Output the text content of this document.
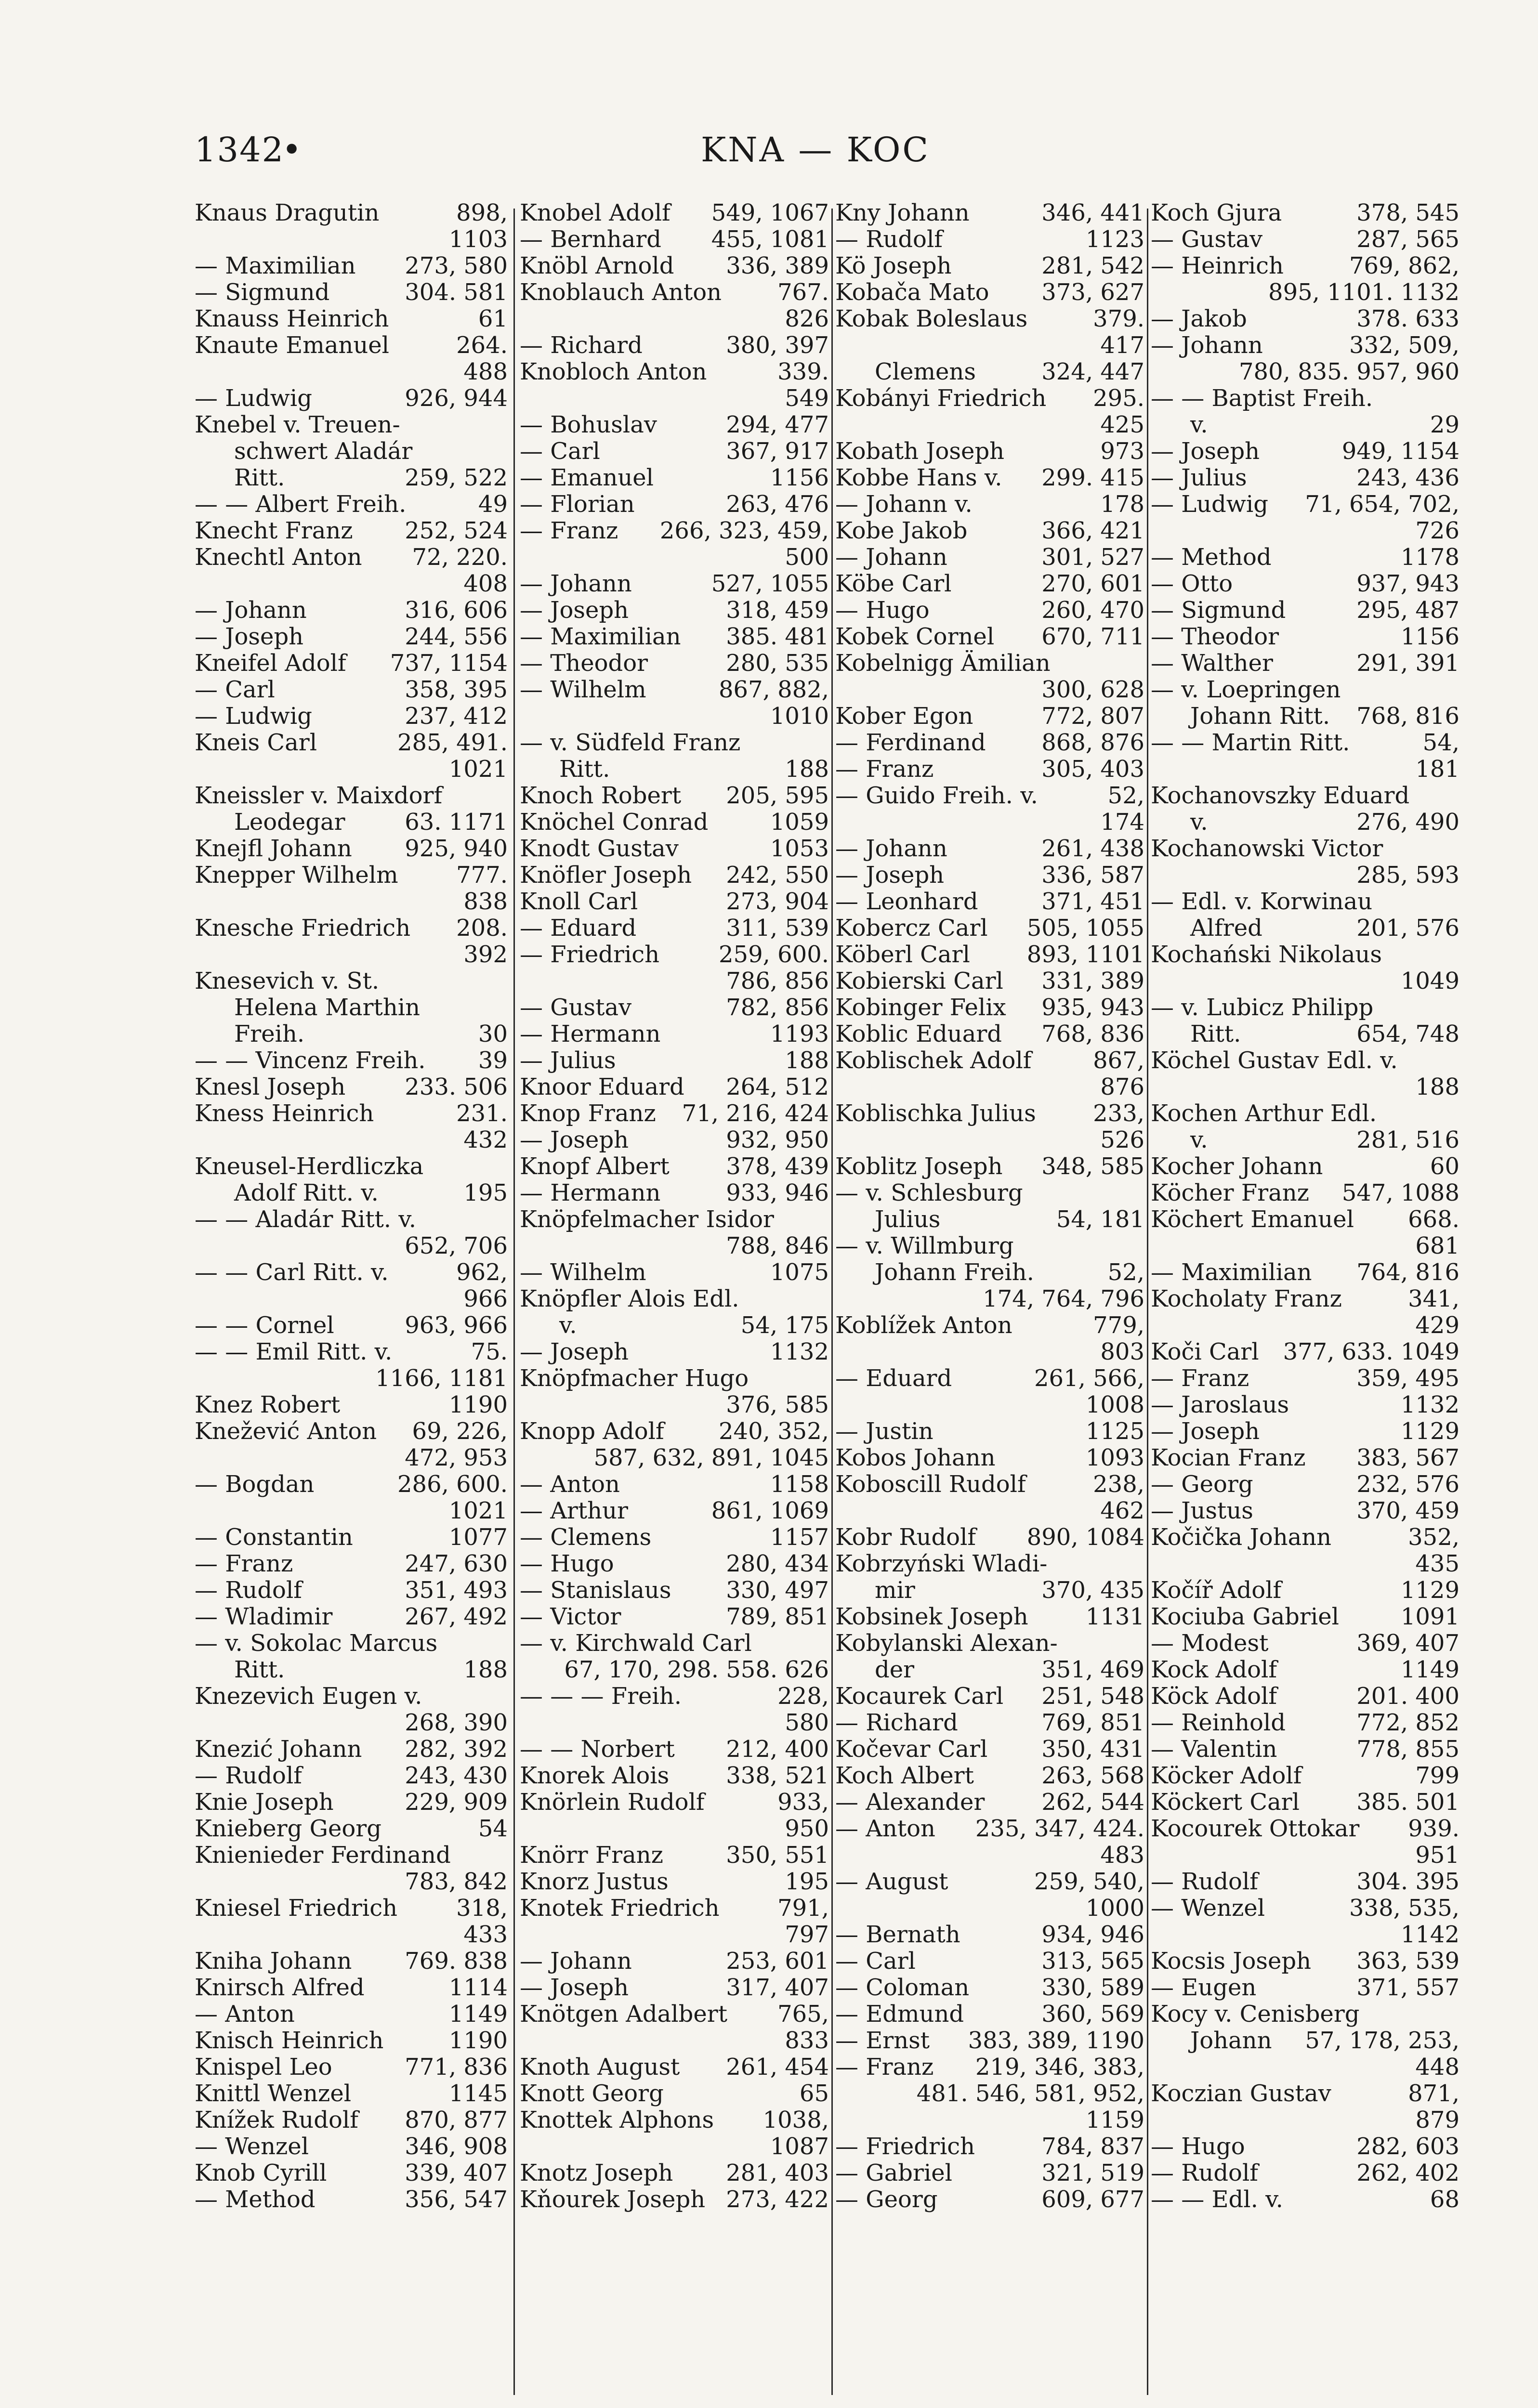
1342
•	KNA — KOC
Knaus Dragutin	898,
1103
— Maximilian 273, 580
— Sigmund	304. 581
Knauss Heinrich	61
Knaute Emanuel	264.
488
— Ludwig	926, 944
Knebel v. Treuen-
schwert Aladár
Ritt.	259, 522
— — Albert Freih.	49
Knecht Franz 252, 524
Knechtl Anton 72, 220.
408
— Johann	316, 606
— Joseph	244, 556
Kneifel Adolf 737, 1154
— Carl	358, 395
— Ludwig	237, 412
Kneis Carl	285, 491.
1021
Kneissler v. Maixdorf
Leodegar	63. 1171
Knejfl Johann 925, 940
Knepper Wilhelm	777.
838
Knesche Friedrich 208.
392
Knesevich v. St.
Helena Marthin
Freih.	30
— — Vincenz Freih. 39
Knesl Joseph	233. 506
Kness Heinrich	231.
432
Kneusel-Herdliczka
Adolf Ritt. v.	195
— — Aladár Ritt. v.
652, 706
— — Carl Ritt. v.	962,
966
— — Cornel	963, 966
— — Emil Ritt. v.	75.
1166, 1181
Knez Robert	1190
Knežević Anton 69, 226,
472, 953
— Bogdan	286, 600.
1021
— Constantin	1077
— Franz	247, 630
— Rudolf	351, 493
— Wladimir	267, 492
— v. Sokolac Marcus
Ritt.	188
Knezevich Eugen v.
268, 390
Knezić Johann 282, 392
— Rudolf	243, 430
Knie Joseph	229, 909
Knieberg Georg	54
Knienieder Ferdinand
783, 842
Kniesel Friedrich	318,
433
Kniha Johann 769. 838
Knirsch Alfred	1114
— Anton	1149
Knisch Heinrich	1190
Knispel Leo	771, 836
Knittl Wenzel	1145
Knížek Rudolf 870, 877
— Wenzel	346, 908
Knob Cyrill	339, 407
— Method	356, 547
Knobel Adolf 549, 1067
— Bernhard 455, 1081
Knöbl Arnold 336, 389
Knoblauch Anton 767.
826
— Richard	380, 397
Knobloch Anton	339.
549
— Bohuslav	294, 477
— Carl	367, 917
— Emanuel	1156
— Florian	263, 476
— Franz 266, 323, 459,
500
— Johann	527, 1055
— Joseph	318, 459
— Maximilian 385. 481
— Theodor	280, 535
— Wilhelm	867, 882,
1010
— v. Südfeld Franz
Ritt.	188
Knoch Robert 205, 595
Knöchel Conrad	1059
Knodt Gustav	1053
Knöfler Joseph 242, 550
Knoll Carl	273, 904
— Eduard	311, 539
— Friedrich	259, 600.
786, 856
— Gustav	782, 856
— Hermann	1193
— Julius	188
Knoor Eduard 264, 512
Knop Franz 71, 216, 424
— Joseph	932, 950
Knopf Albert 378, 439
— Hermann	933, 946
Knöpfelmacher Isidor
788, 846
— Wilhelm	1075
Knöpfler Alois Edl.
v.	54, 175
— Joseph	1132
Knöpfmacher Hugo
376, 585
Knopp Adolf 240, 352,
587, 632, 891, 1045
— Anton	1158
— Arthur	861, 1069
— Clemens	1157
— Hugo	280, 434
— Stanislaus 330, 497
— Victor	789, 851
— v. Kirchwald Carl
67, 170, 298. 558. 626
— — — Freih.	228,
580
— — Norbert 212, 400
Knorek Alois 338, 521
Knörlein Rudolf	933,
950
Knörr Franz	350, 551
Knorz Justus	195
Knotek Friedrich	791,
797
— Johann	253, 601
— Joseph	317, 407
Knötgen Adalbert 765,
833
Knoth August 261, 454
Knott Georg	65
Knottek Alphons 1038,
1087
Knotz Joseph 281, 403
Kňourek Joseph 273, 422
Kny Johann	346, 441
— Rudolf	1123
Kö Joseph	281, 542
Kobača Mato 373, 627
Kobak Boleslaus	379.
417
Clemens	324, 447
Kobányi Friedrich 295.
425
Kobath Joseph	973
Kobbe Hans v. 299. 415
— Johann v.	178
Kobe Jakob	366, 421
— Johann	301, 527
Köbe Carl	270, 601
— Hugo	260, 470
Kobek Cornel 670, 711
Kobelnigg Ämilian
300, 628
Kober Egon	772, 807
— Ferdinand 868, 876
— Franz	305, 403
— Guido Freih. v.	52,
174
— Johann	261, 438
— Joseph	336, 587
— Leonhard	371, 451
Kobercz Carl 505, 1055
Köberl Carl 893, 1101
Kobierski Carl 331, 389
Kobinger Felix 935, 943
Koblic Eduard 768, 836
Koblischek Adolf	867,
876
Koblischka Julius 233,
526
Koblitz Joseph 348, 585
— v. Schlesburg
Julius	54, 181
— v. Willmburg
Johann Freih.	52,
174, 764, 796
Koblížek Anton	779,
803
— Eduard	261, 566,
1008
— Justin	1125
Kobos Johann	1093
Koboscill Rudolf	238,
462
Kobr Rudolf 890, 1084
Kobrzyński Wladi-
mir	370, 435
Kobsinek Joseph 1131
Kobylanski Alexan-
der	351, 469
Kocaurek Carl 251, 548
— Richard	769, 851
Kočevar Carl 350, 431
Koch Albert	263, 568
— Alexander 262, 544
— Anton 235, 347, 424.
483
— August	259, 540,
1000
— Bernath	934, 946
— Carl	313, 565
— Coloman	330, 589
— Edmund	360, 569
— Ernst 383, 389, 1190
— Franz 219, 346, 383,
481. 546, 581, 952,
1159
— Friedrich	784, 837
— Gabriel	321, 519
— Georg	609, 677
Koch Gjura	378, 545
— Gustav	287, 565
— Heinrich	769, 862,
895, 1101. 1132
— Jakob	378. 633
— Johann	332, 509,
780, 835. 957, 960
— — Baptist Freih.
v.	29
— Joseph	949, 1154
— Julius	243, 436
— Ludwig 71, 654, 702,
726
— Method	1178
— Otto	937, 943
— Sigmund	295, 487
— Theodor	1156
— Walther	291, 391
— v. Loepringen
Johann Ritt. 768, 816
— — Martin Ritt.	54,
181
Kochanovszky Eduard
v.	276, 490
Kochanowski Victor
285, 593
— Edl. v. Korwinau
Alfred	201, 576
Kochański Nikolaus
1049
— v. Lubicz Philipp
Ritt.	654, 748
Köchel Gustav Edl. v.
188
Kochen Arthur Edl.
v.	281, 516
Kocher Johann	60
Köcher Franz 547, 1088
Köchert Emanuel 668.
681
— Maximilian 764, 816
Kocholaty Franz	341,
429
Koči Carl 377, 633. 1049
— Franz	359, 495
— Jaroslaus	1132
— Joseph	1129
Kocian Franz 383, 567
— Georg	232, 576
— Justus	370, 459
Kočička Johann	352,
435
Kočíř Adolf	1129
Kociuba Gabriel	1091
— Modest	369, 407
Kock Adolf	1149
Köck Adolf	201. 400
— Reinhold	772, 852
— Valentin	778, 855
Köcker Adolf	799
Köckert Carl 385. 501
Kocourek Ottokar 939.
951
— Rudolf	304. 395
— Wenzel	338, 535,
1142
Kocsis Joseph 363, 539
— Eugen	371, 557
Kocy v. Cenisberg
Johann 57, 178, 253,
448
Koczian Gustav	871,
879
— Hugo	282, 603
— Rudolf	262, 402
— — Edl. v.	68
